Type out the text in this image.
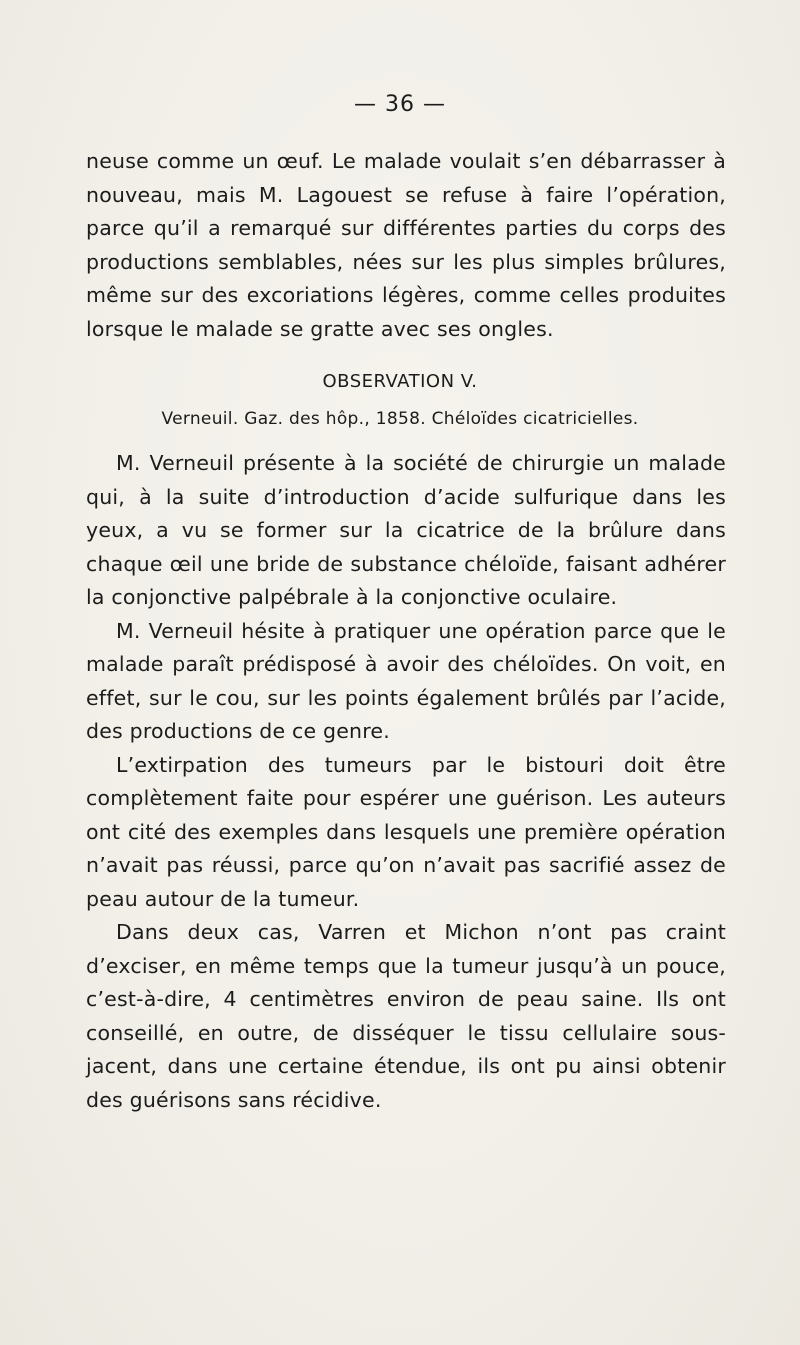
— 36 —

neuse comme un œuf. Le malade voulait s’en débarrasser à nouveau, mais M. Lagouest se refuse à faire l’opération, parce qu’il a remarqué sur différentes parties du corps des productions semblables, nées sur les plus simples brûlures, même sur des excoriations légères, comme celles produites lorsque le malade se gratte avec ses ongles.

OBSERVATION V.
Verneuil. Gaz. des hôp., 1858. Chéloïdes cicatricielles.

M. Verneuil présente à la société de chirurgie un malade qui, à la suite d’introduction d’acide sulfurique dans les yeux, a vu se former sur la cicatrice de la brûlure dans chaque œil une bride de substance chéloïde, faisant adhérer la conjonctive palpébrale à la conjonctive oculaire.

M. Verneuil hésite à pratiquer une opération parce que le malade paraît prédisposé à avoir des chéloïdes. On voit, en effet, sur le cou, sur les points également brûlés par l’acide, des productions de ce genre.

L’extirpation des tumeurs par le bistouri doit être complètement faite pour espérer une guérison. Les auteurs ont cité des exemples dans lesquels une première opération n’avait pas réussi, parce qu’on n’avait pas sacrifié assez de peau autour de la tumeur.

Dans deux cas, Varren et Michon n’ont pas craint d’exciser, en même temps que la tumeur jusqu’à un pouce, c’est-à-dire, 4 centimètres environ de peau saine. Ils ont conseillé, en outre, de disséquer le tissu cellulaire sous-jacent, dans une certaine étendue, ils ont pu ainsi obtenir des guérisons sans récidive.
